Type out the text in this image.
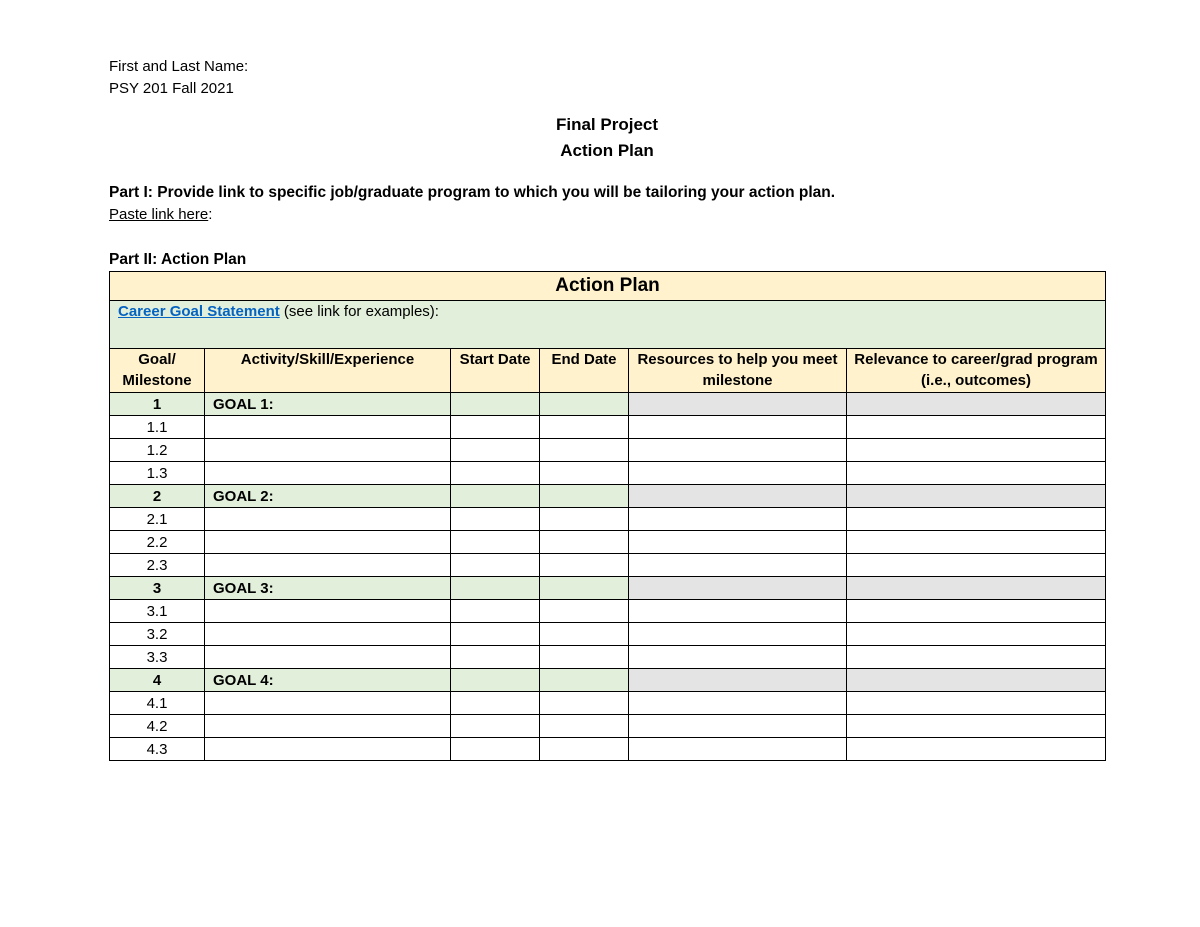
First and Last Name:
PSY 201 Fall 2021
Final Project
Action Plan
Part I: Provide link to specific job/graduate program to which you will be tailoring your action plan.
Paste link here:
Part II: Action Plan
Action Plan					
Career Goal Statement (see link for examples):					
Goal/ Milestone	Activity/Skill/Experience	Start Date	End Date	Resources to help you meet milestone	Relevance to career/grad program (i.e., outcomes)
1	GOAL 1:				
1.1					
1.2					
1.3					
2	GOAL 2:				
2.1					
2.2					
2.3					
3	GOAL 3:				
3.1					
3.2					
3.3					
4	GOAL 4:				
4.1					
4.2					
4.3					
